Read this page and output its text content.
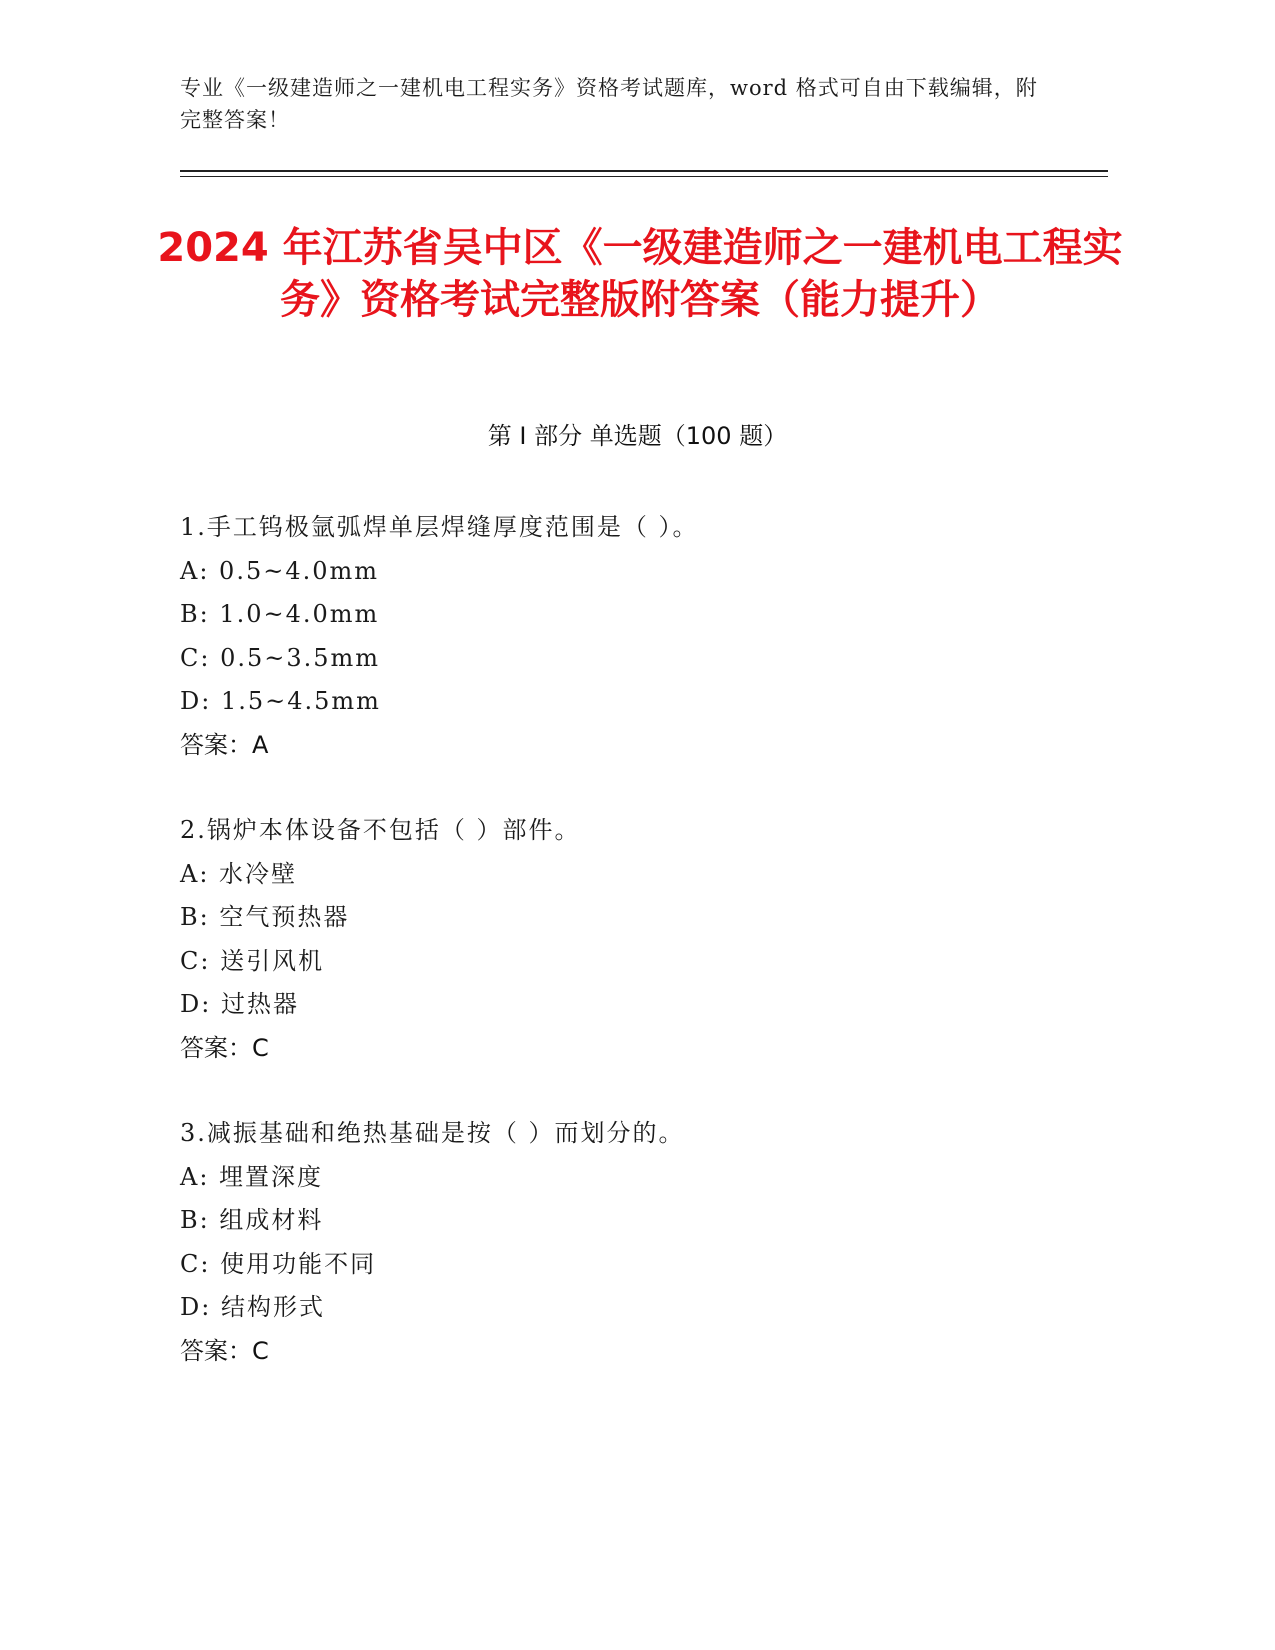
专业《一级建造师之一建机电工程实务》资格考试题库，word 格式可自由下载编辑，附完整答案！
2024 年江苏省吴中区《一级建造师之一建机电工程实务》资格考试完整版附答案（能力提升）
第 I 部分 单选题（100 题）
1.手工钨极氩弧焊单层焊缝厚度范围是（ ）。
A: 0.5~4.0mm
B: 1.0~4.0mm
C: 0.5~3.5mm
D: 1.5~4.5mm
答案：A
2.锅炉本体设备不包括（ ）部件。
A: 水冷壁
B: 空气预热器
C: 送引风机
D: 过热器
答案：C
3.减振基础和绝热基础是按（ ）而划分的。
A: 埋置深度
B: 组成材料
C: 使用功能不同
D: 结构形式
答案：C
